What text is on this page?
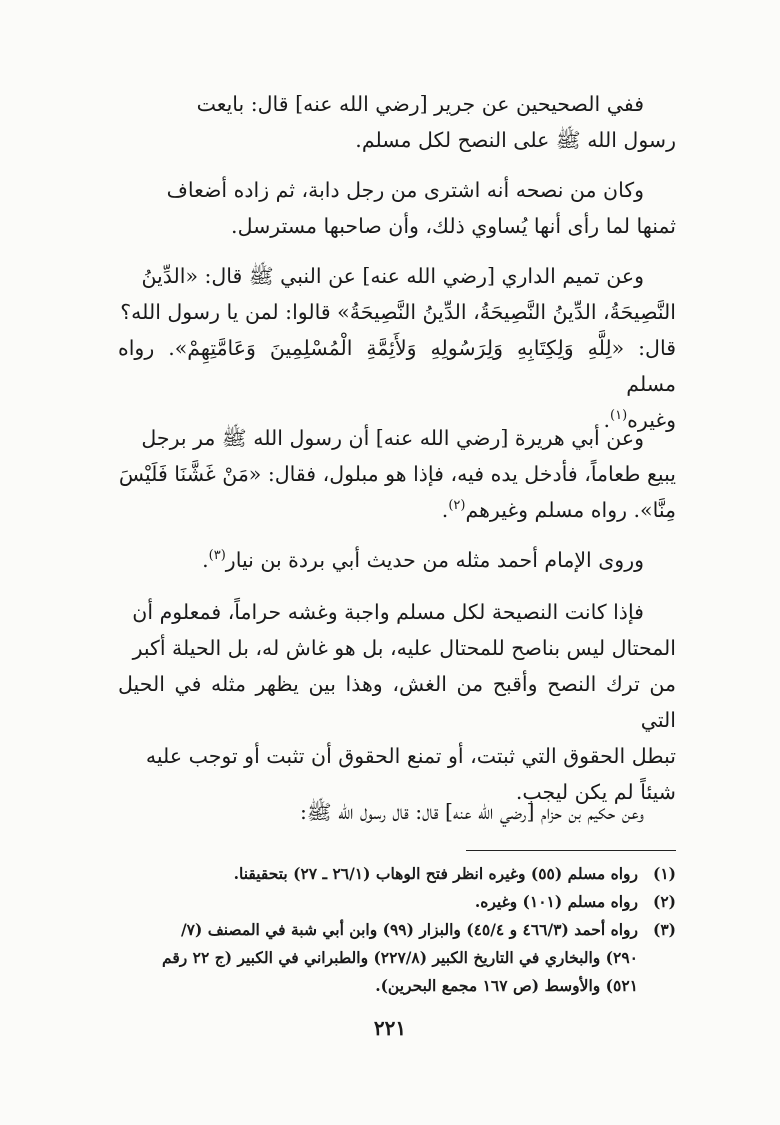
ففي الصحيحين عن جرير [رضي الله عنه] قال: بايعت

رسول الله ﷺ على النصح لكل مسلم.

وكان من نصحه أنه اشترى من رجل دابة، ثم زاده أضعاف

ثمنها لما رأى أنها يُساوي ذلك، وأن صاحبها مسترسل.

وعن تميم الداري [رضي الله عنه] عن النبي ﷺ قال: «الدِّينُ

النَّصِيحَةُ، الدِّينُ النَّصِيحَةُ، الدِّينُ النَّصِيحَةُ» قالوا: لمن يا رسول الله؟

قال: «لِلَّهِ وَلِكِتَابِهِ وَلِرَسُولِهِ وَلأَئِمَّةِ الْمُسْلِمِينَ وَعَامَّتِهِمْ». رواه مسلم

وغيره$^{(١)}$.

وعن أبي هريرة [رضي الله عنه] أن رسول الله ﷺ مر برجل

يبيع طعاماً، فأدخل يده فيه، فإذا هو مبلول، فقال: «مَنْ غَشَّنَا فَلَيْسَ

مِنَّا». رواه مسلم وغيرهم$^{(٢)}$.

وروى الإمام أحمد مثله من حديث أبي بردة بن نيار$^{(٣)}$.

فإذا كانت النصيحة لكل مسلم واجبة وغشه حراماً، فمعلوم أن

المحتال ليس بناصح للمحتال عليه، بل هو غاش له، بل الحيلة أكبر

من ترك النصح وأقبح من الغش، وهذا بين يظهر مثله في الحيل التي

تبطل الحقوق التي ثبتت، أو تمنع الحقوق أن تثبت أو توجب عليه

شيئاً لم يكن ليجب.

وعن حكيم بن حزام [رضي الله عنه] قال: قال رسول الله ﷺ:

(١)
رواه مسلم (٥٥) وغيره انظر فتح الوهاب (٢٦/١ ـ ٢٧) بتحقيقنا.
(٢)
رواه مسلم (١٠١) وغيره.
(٣)
رواه أحمد (٤٦٦/٣ و ٤٥/٤) والبزار (٩٩) وابن أبي شبة في المصنف (٧/
٢٩٠) والبخاري في التاريخ الكبير (٢٢٧/٨) والطبراني في الكبير (ج ٢٢ رقم
٥٢١) والأوسط (ص ١٦٧ مجمع البحرين).
٢٢١
